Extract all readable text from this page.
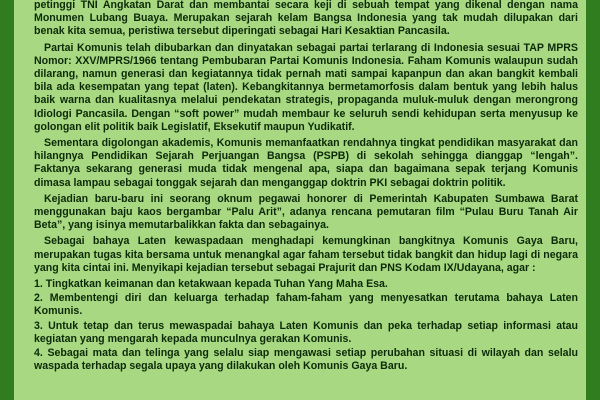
petinggi TNI Angkatan Darat dan membantai secara keji di sebuah tempat yang dikenal dengan nama Monumen Lubang Buaya. Merupakan sejarah kelam Bangsa Indonesia yang tak mudah dilupakan dari benak kita semua, peristiwa tersebut diperingati sebagai Hari Kesaktian Pancasila.

Partai Komunis telah dibubarkan dan dinyatakan sebagai partai terlarang di Indonesia sesuai TAP MPRS Nomor: XXV/MPRS/1966 tentang Pembubaran Partai Komunis Indonesia. Faham Komunis walaupun sudah dilarang, namun generasi dan kegiatannya tidak pernah mati sampai kapanpun dan akan bangkit kembali bila ada kesempatan yang tepat (laten). Kebangkitannya bermetamorfosis dalam bentuk yang lebih halus baik warna dan kualitasnya melalui pendekatan strategis, propaganda muluk-muluk dengan merongrong Idiologi Pancasila. Dengan “soft power” mudah membaur ke seluruh sendi kehidupan serta menyusup ke golongan elit politik baik Legislatif, Eksekutif maupun Yudikatif.

Sementara digolongan akademis, Komunis memanfaatkan rendahnya tingkat pendidikan masyarakat dan hilangnya Pendidikan Sejarah Perjuangan Bangsa (PSPB) di sekolah sehingga dianggap “lengah”. Faktanya sekarang generasi muda tidak mengenal apa, siapa dan bagaimana sepak terjang Komunis dimasa lampau sebagai tonggak sejarah dan menganggap doktrin PKI sebagai doktrin politik.

Kejadian baru-baru ini seorang oknum pegawai honorer di Pemerintah Kabupaten Sumbawa Barat menggunakan baju kaos bergambar “Palu Arit”, adanya rencana pemutaran film “Pulau Buru Tanah Air Beta”, yang isinya memutarbalikkan fakta dan sebagainya.

Sebagai bahaya Laten kewaspadaan menghadapi kemungkinan bangkitnya Komunis Gaya Baru, merupakan tugas kita bersama untuk menangkal agar faham tersebut tidak bangkit dan hidup lagi di negara yang kita cintai ini. Menyikapi kejadian tersebut sebagai Prajurit dan PNS Kodam IX/Udayana, agar :

1. Tingkatkan keimanan dan ketakwaan kepada Tuhan Yang Maha Esa.
2. Membentengi diri dan keluarga terhadap faham-faham yang menyesatkan terutama bahaya Laten Komunis.
3. Untuk tetap dan terus mewaspadai bahaya Laten Komunis dan peka terhadap setiap informasi atau kegiatan yang mengarah kepada munculnya gerakan Komunis.
4. Sebagai mata dan telinga yang selalu siap mengawasi setiap perubahan situasi di wilayah dan selalu waspada terhadap segala upaya yang dilakukan oleh Komunis Gaya Baru.
